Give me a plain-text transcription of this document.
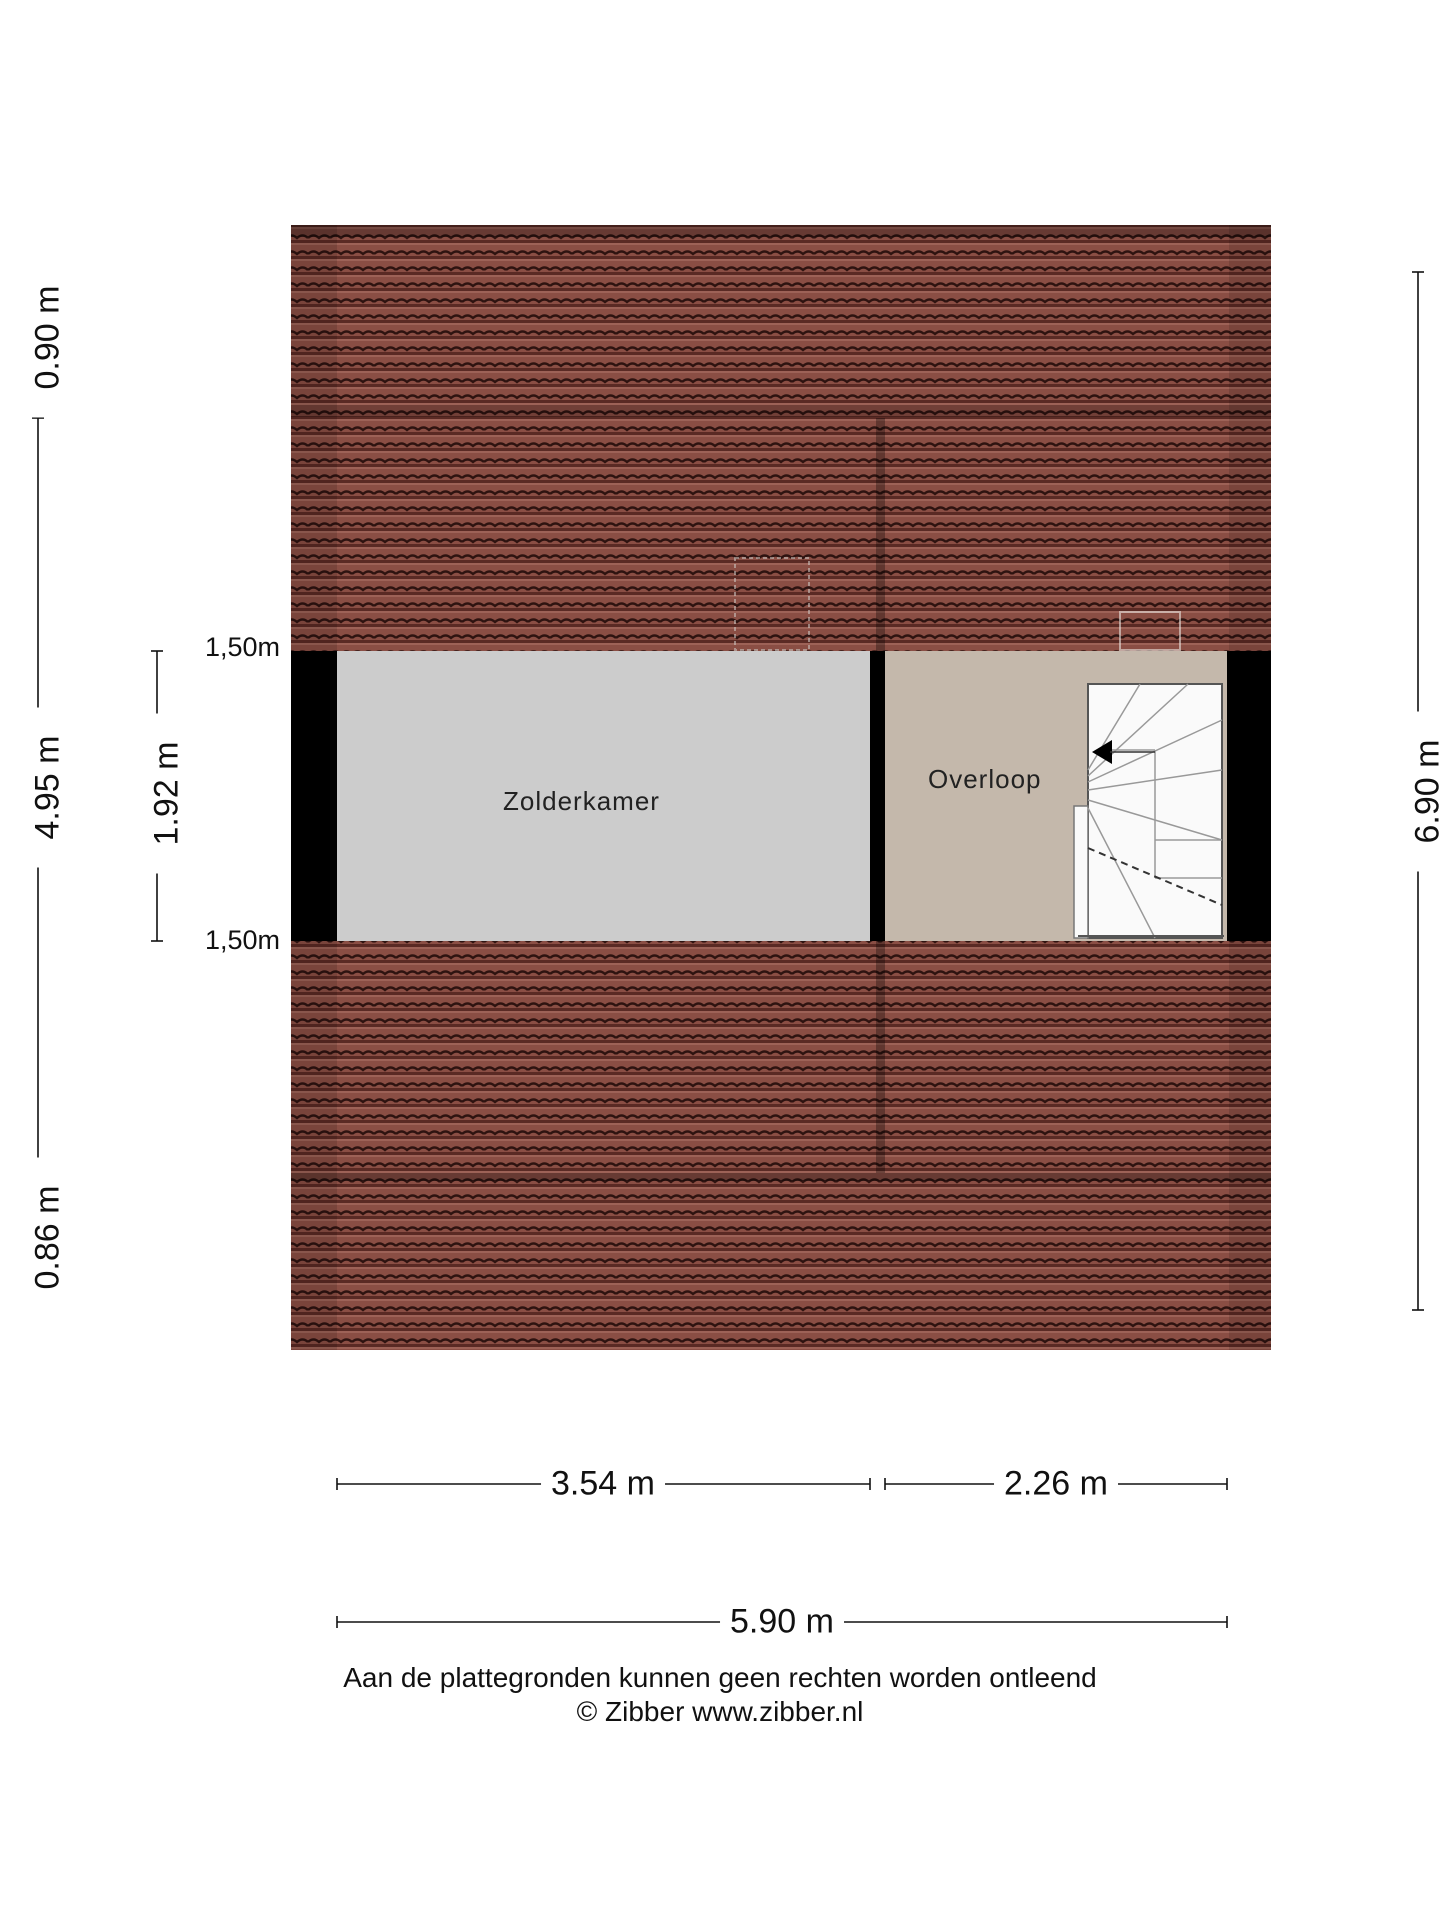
Zolderkamer
Overloop
1,50m
1,50m
0.90 m
4.95 m
0.86 m
1.92 m	6.90 m
3.54 m	2.26 m
5.90 m
Aan de plattegronden kunnen geen rechten worden ontleend
© Zibber www.zibber.nl
